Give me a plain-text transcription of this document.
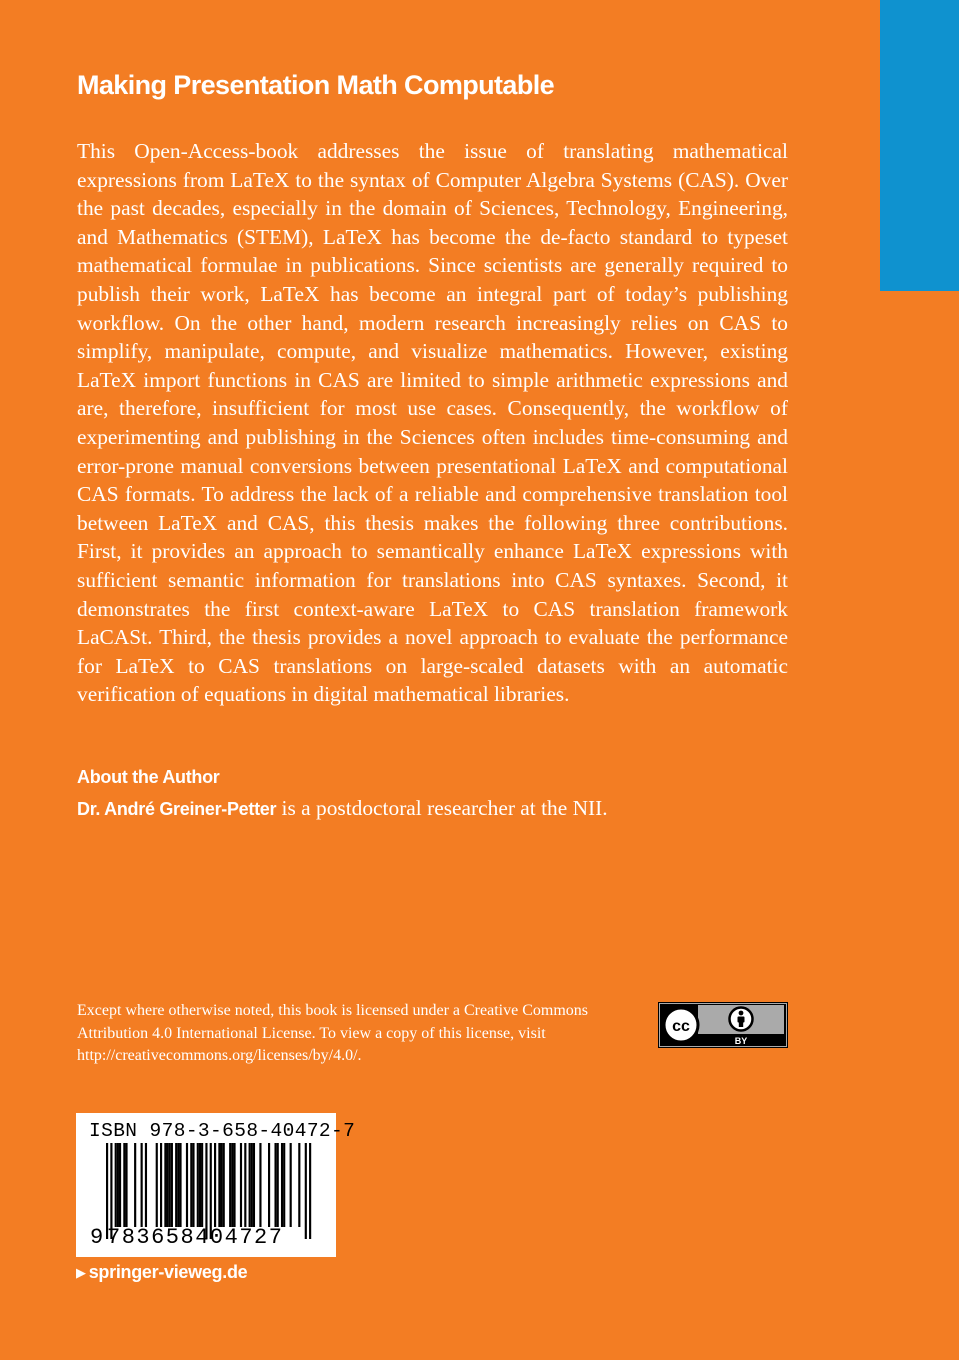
Making Presentation Math Computable

This Open-Access-book addresses the issue of translating mathematical expressions from LaTeX to the syntax of Computer Algebra Systems (CAS). Over the past decades, especially in the domain of Sciences, Technology, Engineering, and Mathematics (STEM), LaTeX has become the de-facto standard to typeset mathematical formulae in publications. Since scientists are generally required to publish their work, LaTeX has become an integral part of today’s publishing workflow. On the other hand, modern research increasingly relies on CAS to simplify, manipulate, compute, and visualize mathematics. However, existing LaTeX import functions in CAS are limited to simple arithmetic expressions and are, therefore, insufficient for most use cases. Consequently, the workflow of experimenting and publishing in the Sciences often includes time-consuming and error-prone manual conversions between presentational LaTeX and computational CAS formats. To address the lack of a reliable and comprehensive translation tool between LaTeX and CAS, this thesis makes the following three contributions. First, it provides an approach to semantically enhance LaTeX expressions with sufficient semantic information for translations into CAS syntaxes. Second, it demonstrates the first context-aware LaTeX to CAS translation framework LaCASt. Third, the thesis provides a novel approach to evaluate the performance for LaTeX to CAS translations on large-scaled datasets with an automatic verification of equations in digital mathematical libraries.

About the Author

Dr. André Greiner-Petter is a postdoctoral researcher at the NII.

Except where otherwise noted, this book is licensed under a Creative Commons Attribution 4.0 International License. To view a copy of this license, visit http://creativecommons.org/licenses/by/4.0/.

cc
BY
ISBN 978-3-658-40472-7
9 783658404727
▶ springer-vieweg.de
